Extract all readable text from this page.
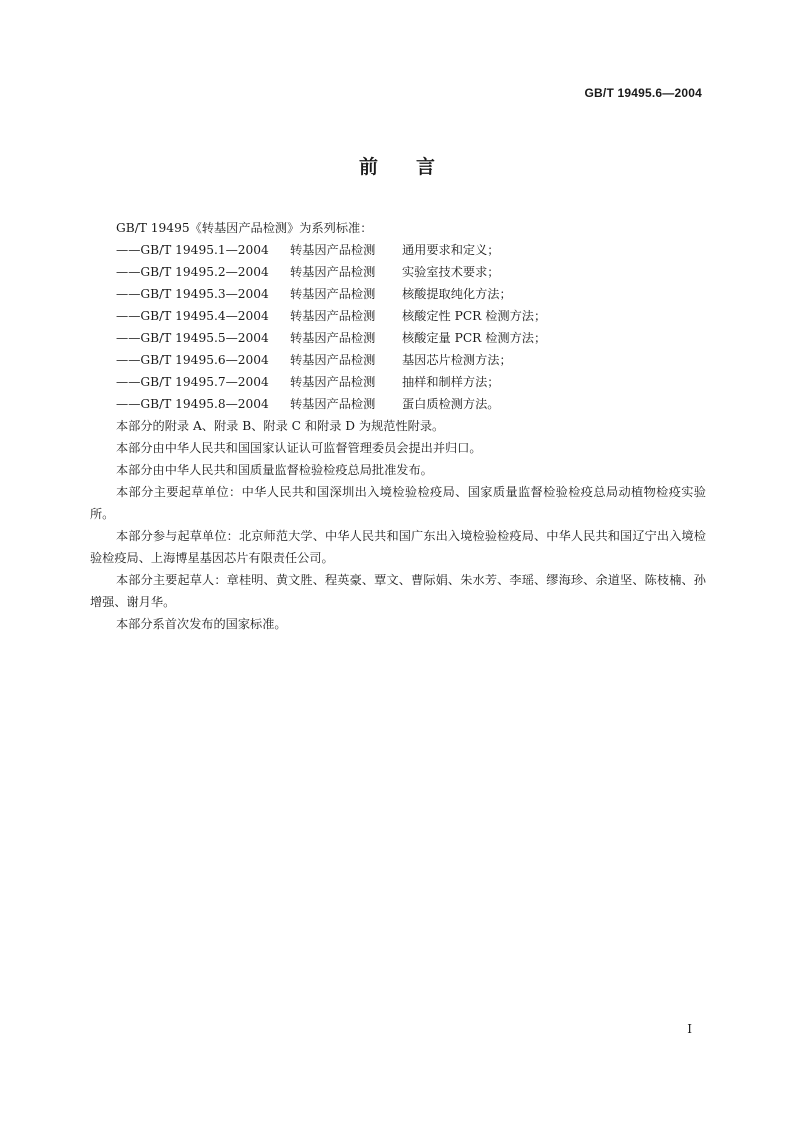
GB/T 19495.6—2004
前言
GB/T 19495《转基因产品检测》为系列标准：
——GB/T 19495.1—2004 转基因产品检测 通用要求和定义；
——GB/T 19495.2—2004 转基因产品检测 实验室技术要求；
——GB/T 19495.3—2004 转基因产品检测 核酸提取纯化方法；
——GB/T 19495.4—2004 转基因产品检测 核酸定性 PCR 检测方法；
——GB/T 19495.5—2004 转基因产品检测 核酸定量 PCR 检测方法；
——GB/T 19495.6—2004 转基因产品检测 基因芯片检测方法；
——GB/T 19495.7—2004 转基因产品检测 抽样和制样方法；
——GB/T 19495.8—2004 转基因产品检测 蛋白质检测方法。
本部分的附录 A、附录 B、附录 C 和附录 D 为规范性附录。
本部分由中华人民共和国国家认证认可监督管理委员会提出并归口。
本部分由中华人民共和国质量监督检验检疫总局批准发布。
本部分主要起草单位：中华人民共和国深圳出入境检验检疫局、国家质量监督检验检疫总局动植物检疫实验所。
本部分参与起草单位：北京师范大学、中华人民共和国广东出入境检验检疫局、中华人民共和国辽宁出入境检验检疫局、上海博星基因芯片有限责任公司。
本部分主要起草人：章桂明、黄文胜、程英豪、覃文、曹际娟、朱水芳、李瑶、缪海珍、余道坚、陈枝楠、孙增强、谢月华。
本部分系首次发布的国家标准。
I
